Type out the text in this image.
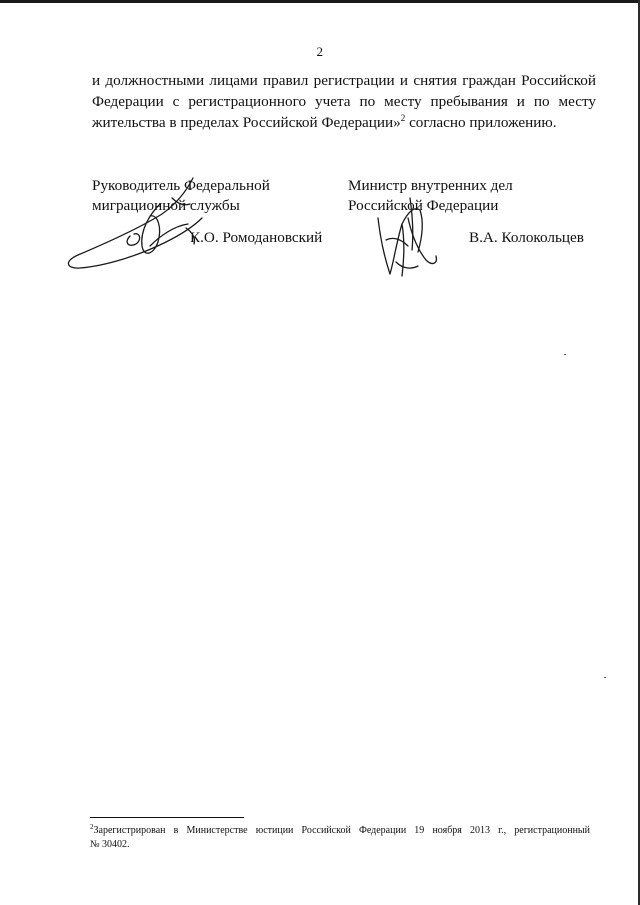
2

и должностными лицами правил регистрации и снятия граждан Российской
Федерации с регистрационного учета по месту пребывания и по месту
жительства в пределах Российской Федерации»$^2$ согласно приложению.

Руководитель Федеральной
миграционной службы
К.О. Ромодановский
Министр внутренних дел
Российской Федерации
В.А. Колокольцев

$^2$Зарегистрирован в Министерстве юстиции Российской Федерации 19 ноября 2013 г., регистрационный
№ 30402.
